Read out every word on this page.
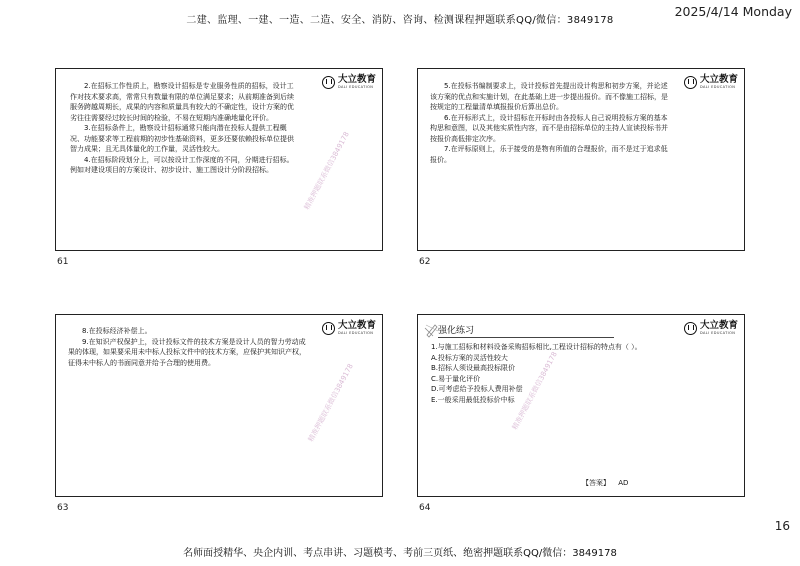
二建、监理、一建、一造、二造、安全、消防、咨询、检测课程押题联系QQ/微信：3849178
2025/4/14 Monday
大立教育
DALI EDUCATION

2.在招标工作性质上，勘察设计招标是专业服务性质的招标，设计工作对技术要求高，常常只有数量有限的单位满足要求；从前期准备到后续服务跨越周期长，成果的内容和质量具有较大的不确定性，设计方案的优劣往往需要经过较长时间的检验，不易在短期内准确地量化评价。

3.在招标条件上，勘察设计招标通常只能向潜在投标人提供工程概况、功能要求等工程前期的初步性基础资料，更多还要依赖投标单位提供智力成果；且无具体量化的工作量，灵活性较大。

4.在招标阶段划分上，可以按设计工作深度的不同，分期进行招标。例如对建设项目的方案设计、初步设计、施工图设计分阶段招标。	精准押题联系微信3849178
61
大立教育
DALI EDUCATION

5.在投标书编制要求上，设计投标首先提出设计构思和初步方案，并论述该方案的优点和实施计划，在此基础上进一步提出报价。而不像施工招标，是按规定的工程量清单填报报价后算出总价。

6.在开标形式上，设计招标在开标时由各投标人自己说明投标方案的基本构思和意图，以及其他实质性内容，而不是由招标单位的主持人宣读投标书并按报价高低排定次序。

7.在评标原则上，乐于接受的是物有所值的合理报价，而不是过于追求低报价。

62
大立教育
DALI EDUCATION

8.在投标经济补偿上。

9.在知识产权保护上，设计投标文件的技术方案是设计人员的智力劳动成果的体现，如果要采用未中标人投标文件中的技术方案，应保护其知识产权，征得未中标人的书面同意并给予合理的使用费。	精准押题联系微信3849178
63
强化练习	大立教育
DALI EDUCATION
1.与施工招标和材料设备采购招标相比,工程设计招标的特点有（ ）。
A.投标方案的灵活性较大
B.招标人须设最高投标限价
C.易于量化评价
D.可考虑给予投标人费用补偿
E.一般采用最低投标价中标
精准押题联系微信3849178
【答案】 AD
64
16
名师面授精华、央企内训、考点串讲、习题模考、考前三页纸、绝密押题联系QQ/微信：3849178
